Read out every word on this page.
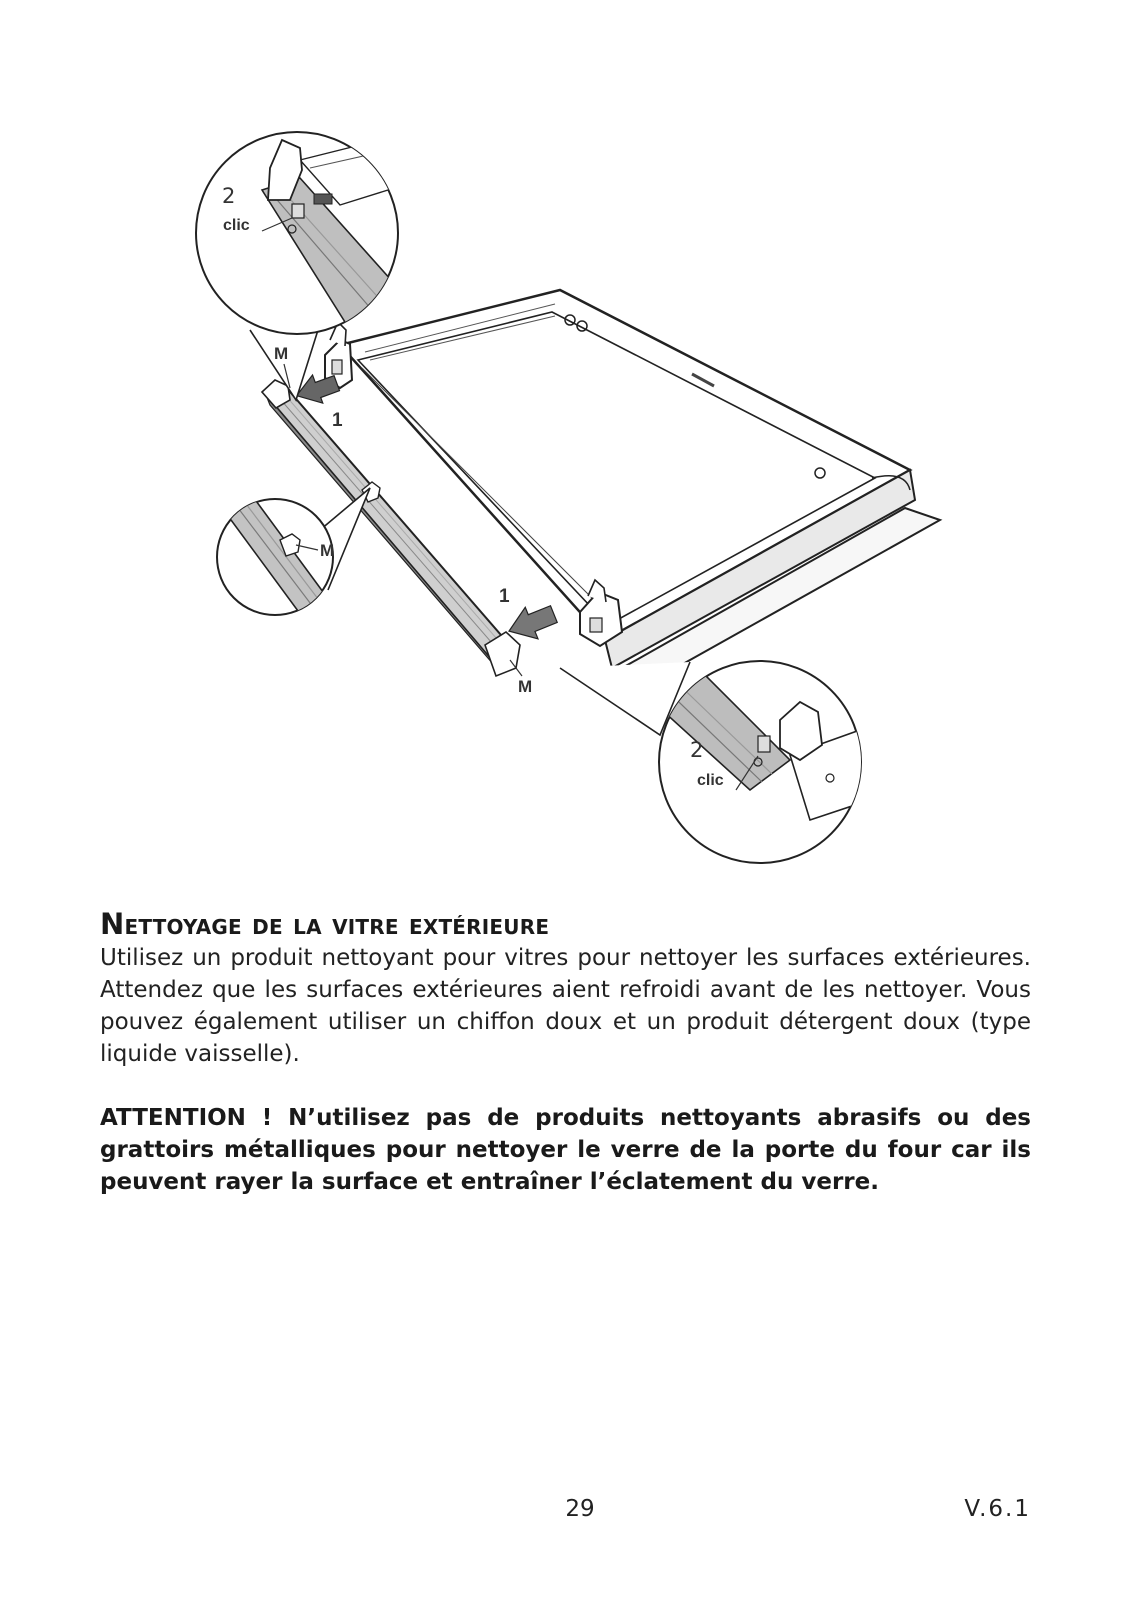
2
clic
M
2
clic
M
1
1
M
Nettoyage de la vitre extérieure

Utilisez un produit nettoyant pour vitres pour nettoyer les surfaces extérieures. Attendez que les surfaces extérieures aient refroidi avant de les nettoyer. Vous pouvez également utiliser un chiffon doux et un produit détergent doux (type liquide vaisselle).

ATTENTION ! N’utilisez pas de produits nettoyants abrasifs ou des grattoirs métalliques pour nettoyer le verre de la porte du four car ils peuvent rayer la surface et entraîner l’éclatement du verre.

29	V.6.1
